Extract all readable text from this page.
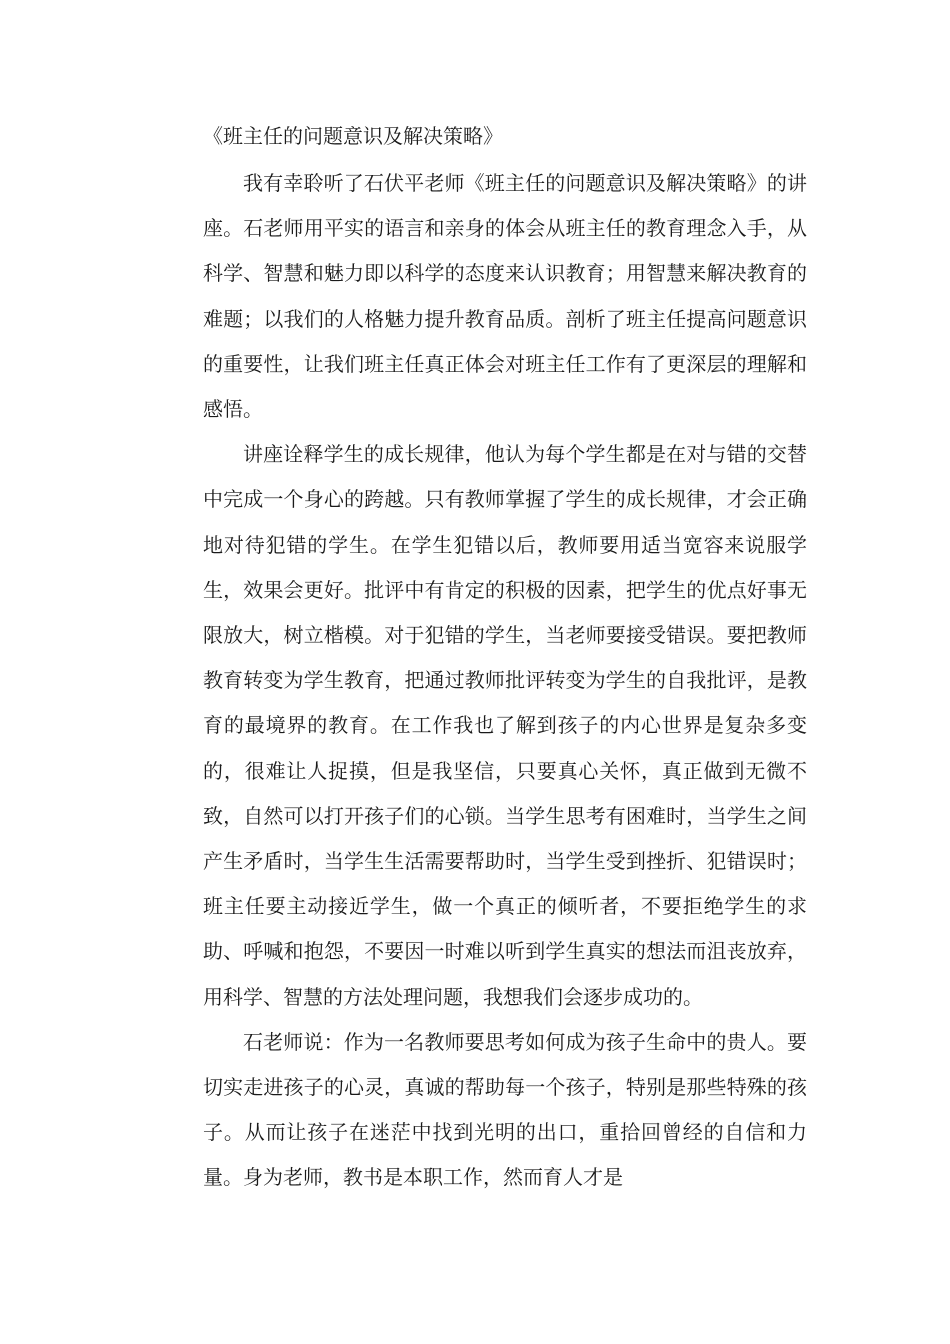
《班主任的问题意识及解决策略》

我有幸聆听了石伏平老师《班主任的问题意识及解决策略》的讲座。石老师用平实的语言和亲身的体会从班主任的教育理念入手，从科学、智慧和魅力即以科学的态度来认识教育；用智慧来解决教育的难题；以我们的人格魅力提升教育品质。剖析了班主任提高问题意识的重要性，让我们班主任真正体会对班主任工作有了更深层的理解和感悟。

讲座诠释学生的成长规律，他认为每个学生都是在对与错的交替中完成一个身心的跨越。只有教师掌握了学生的成长规律，才会正确地对待犯错的学生。在学生犯错以后，教师要用适当宽容来说服学生，效果会更好。批评中有肯定的积极的因素，把学生的优点好事无限放大，树立楷模。对于犯错的学生，当老师要接受错误。要把教师教育转变为学生教育，把通过教师批评转变为学生的自我批评，是教育的最境界的教育。在工作我也了解到孩子的内心世界是复杂多变的，很难让人捉摸，但是我坚信，只要真心关怀，真正做到无微不致，自然可以打开孩子们的心锁。当学生思考有困难时，当学生之间产生矛盾时，当学生生活需要帮助时，当学生受到挫折、犯错误时；班主任要主动接近学生，做一个真正的倾听者，不要拒绝学生的求助、呼喊和抱怨，不要因一时难以听到学生真实的想法而沮丧放弃，用科学、智慧的方法处理问题，我想我们会逐步成功的。

石老师说：作为一名教师要思考如何成为孩子生命中的贵人。要切实走进孩子的心灵，真诚的帮助每一个孩子，特别是那些特殊的孩子。从而让孩子在迷茫中找到光明的出口，重拾回曾经的自信和力量。身为老师，教书是本职工作，然而育人才是
